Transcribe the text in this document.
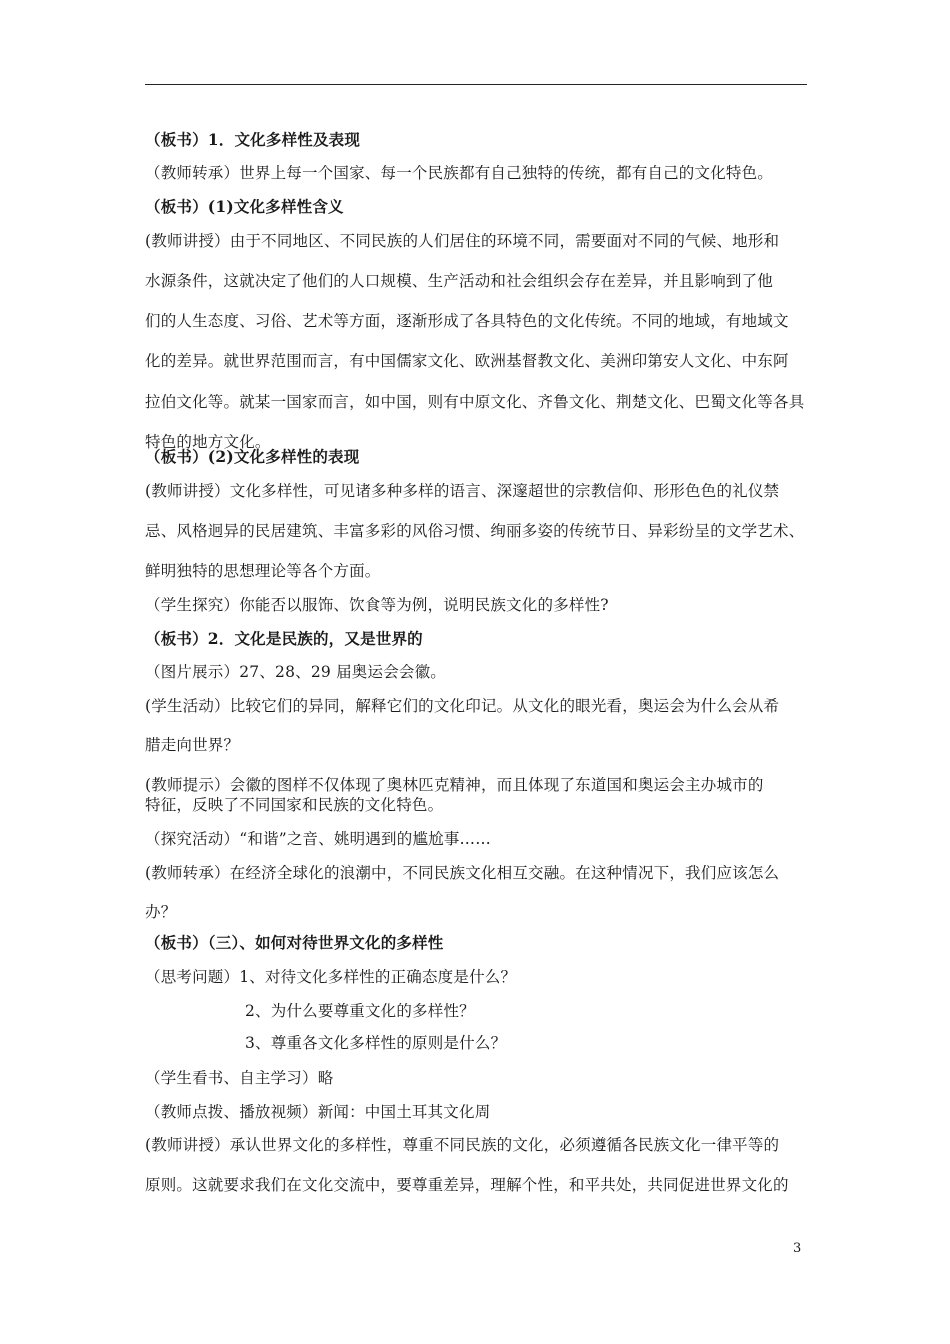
（板书）1．文化多样性及表现
（教师转承）世界上每一个国家、每一个民族都有自己独特的传统，都有自己的文化特色。
（板书）(1)文化多样性含义
(教师讲授）由于不同地区、不同民族的人们居住的环境不同，需要面对不同的气候、地形和
水源条件，这就决定了他们的人口规模、生产活动和社会组织会存在差异，并且影响到了他
们的人生态度、习俗、艺术等方面，逐渐形成了各具特色的文化传统。不同的地域，有地域文
化的差异。就世界范围而言，有中国儒家文化、欧洲基督教文化、美洲印第安人文化、中东阿
拉伯文化等。就某一国家而言，如中国，则有中原文化、齐鲁文化、荆楚文化、巴蜀文化等各具
特色的地方文化。
（板书）(2)文化多样性的表现
(教师讲授）文化多样性，可见诸多种多样的语言、深邃超世的宗教信仰、形形色色的礼仪禁
忌、风格迥异的民居建筑、丰富多彩的风俗习惯、绚丽多姿的传统节日、异彩纷呈的文学艺术、
鲜明独特的思想理论等各个方面。
（学生探究）你能否以服饰、饮食等为例，说明民族文化的多样性?
（板书）2．文化是民族的，又是世界的
（图片展示）27、28、29 届奥运会会徽。
(学生活动）比较它们的异同，解释它们的文化印记。从文化的眼光看，奥运会为什么会从希
腊走向世界？
(教师提示）会徽的图样不仅体现了奥林匹克精神，而且体现了东道国和奥运会主办城市的
特征，反映了不同国家和民族的文化特色。
（探究活动）“和谐”之音、姚明遇到的尴尬事……
(教师转承）在经济全球化的浪潮中，不同民族文化相互交融。在这种情况下，我们应该怎么
办？
（板书）（三）、如何对待世界文化的多样性
（思考问题）1、对待文化多样性的正确态度是什么？
2、为什么要尊重文化的多样性？
3、尊重各文化多样性的原则是什么？
（学生看书、自主学习）略
（教师点拨、播放视频）新闻：中国土耳其文化周
(教师讲授）承认世界文化的多样性，尊重不同民族的文化，必须遵循各民族文化一律平等的
原则。这就要求我们在文化交流中，要尊重差异，理解个性，和平共处，共同促进世界文化的
3
